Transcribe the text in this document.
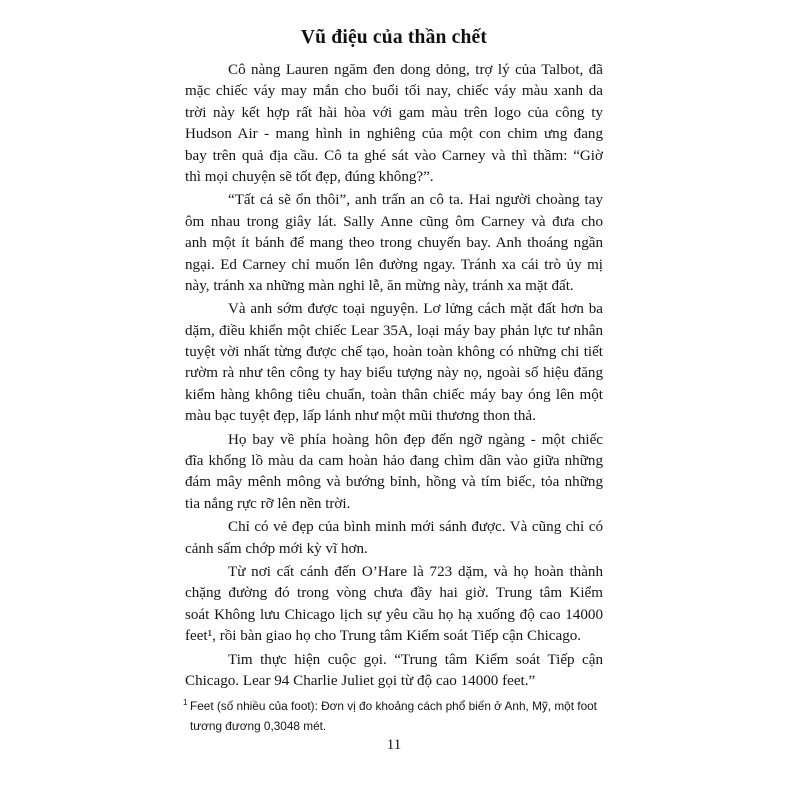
Vũ điệu của thần chết
Cô nàng Lauren ngăm đen dong dỏng, trợ lý của Talbot, đã
mặc chiếc váy may mắn cho buổi tối nay, chiếc váy màu xanh da
trời này kết hợp rất hài hòa với gam màu trên logo của công ty
Hudson Air - mang hình in nghiêng của một con chim ưng đang
bay trên quả địa cầu. Cô ta ghé sát vào Carney và thì thầm: “Giờ
thì mọi chuyện sẽ tốt đẹp, đúng không?”.
“Tất cả sẽ ổn thôi”, anh trấn an cô ta. Hai người choàng tay
ôm nhau trong giây lát. Sally Anne cũng ôm Carney và đưa cho
anh một ít bánh để mang theo trong chuyến bay. Anh thoáng ngần
ngại. Ed Carney chỉ muốn lên đường ngay. Tránh xa cái trò ủy mị
này, tránh xa những màn nghi lễ, ăn mừng này, tránh xa mặt đất.
Và anh sớm được toại nguyện. Lơ lửng cách mặt đất hơn ba
dặm, điều khiển một chiếc Lear 35A, loại máy bay phản lực tư nhân
tuyệt vời nhất từng được chế tạo, hoàn toàn không có những chi tiết
rườm rà như tên công ty hay biểu tượng này nọ, ngoài số hiệu đăng
kiểm hàng không tiêu chuẩn, toàn thân chiếc máy bay óng lên một
màu bạc tuyệt đẹp, lấp lánh như một mũi thương thon thả.
Họ bay về phía hoàng hôn đẹp đến ngỡ ngàng - một chiếc
đĩa khổng lồ màu da cam hoàn hảo đang chìm dần vào giữa những
đám mây mênh mông và bướng bỉnh, hồng và tím biếc, tỏa những
tia nắng rực rỡ lên nền trời.
Chỉ có vẻ đẹp của bình minh mới sánh được. Và cũng chỉ có
cảnh sấm chớp mới kỳ vĩ hơn.
Từ nơi cất cánh đến O’Hare là 723 dặm, và họ hoàn thành
chặng đường đó trong vòng chưa đầy hai giờ. Trung tâm Kiểm
soát Không lưu Chicago lịch sự yêu cầu họ hạ xuống độ cao 14000
feet¹, rồi bàn giao họ cho Trung tâm Kiểm soát Tiếp cận Chicago.
Tim thực hiện cuộc gọi. “Trung tâm Kiểm soát Tiếp cận
Chicago. Lear 94 Charlie Juliet gọi từ độ cao 14000 feet.”
1 Feet (số nhiều của foot): Đơn vị đo khoảng cách phổ biến ở Anh, Mỹ, một foot
tương đương 0,3048 mét.
11
